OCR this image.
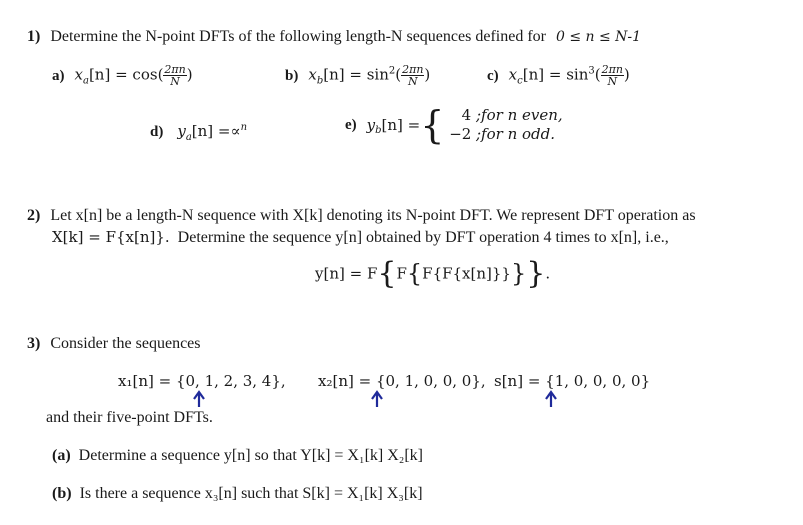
1) Determine the N-point DFTs of the following length-N sequences defined for 0 ≤ n ≤ N-1
a) $x_a[n] = \cos( \frac{2\pi n}{N}$ )	b) $x_b[n] = \sin^2( \frac{2\pi n}{N}$ )	c) $x_c[n] = \sin^3( \frac{2\pi n}{N}$ )
d) $y_a[n] =\propto^n$	e) $y_b[n]$ ={	4 ;for n even,
−2 ;for n odd.
2) Let x[n] be a length-N sequence with X[k] denoting its N-point DFT. We represent DFT operation as
X[k] = F{x[n]}. Determine the sequence y[n] obtained by DFT operation 4 times to x[n], i.e.,
y[n] = F{F{F{F{x[n]}}}}.
3) Consider the sequences
x₁[n] = {0, 1, 2, 3, 4}, x₂[n] = {0, 1, 0, 0, 0}, s[n] = {1, 0, 0, 0, 0}
and their five-point DFTs.
(a) Determine a sequence y[n] so that Y[k] = X₁[k] X₂[k]
(b) Is there a sequence x₃[n] such that S[k] = X₁[k] X₃[k]
